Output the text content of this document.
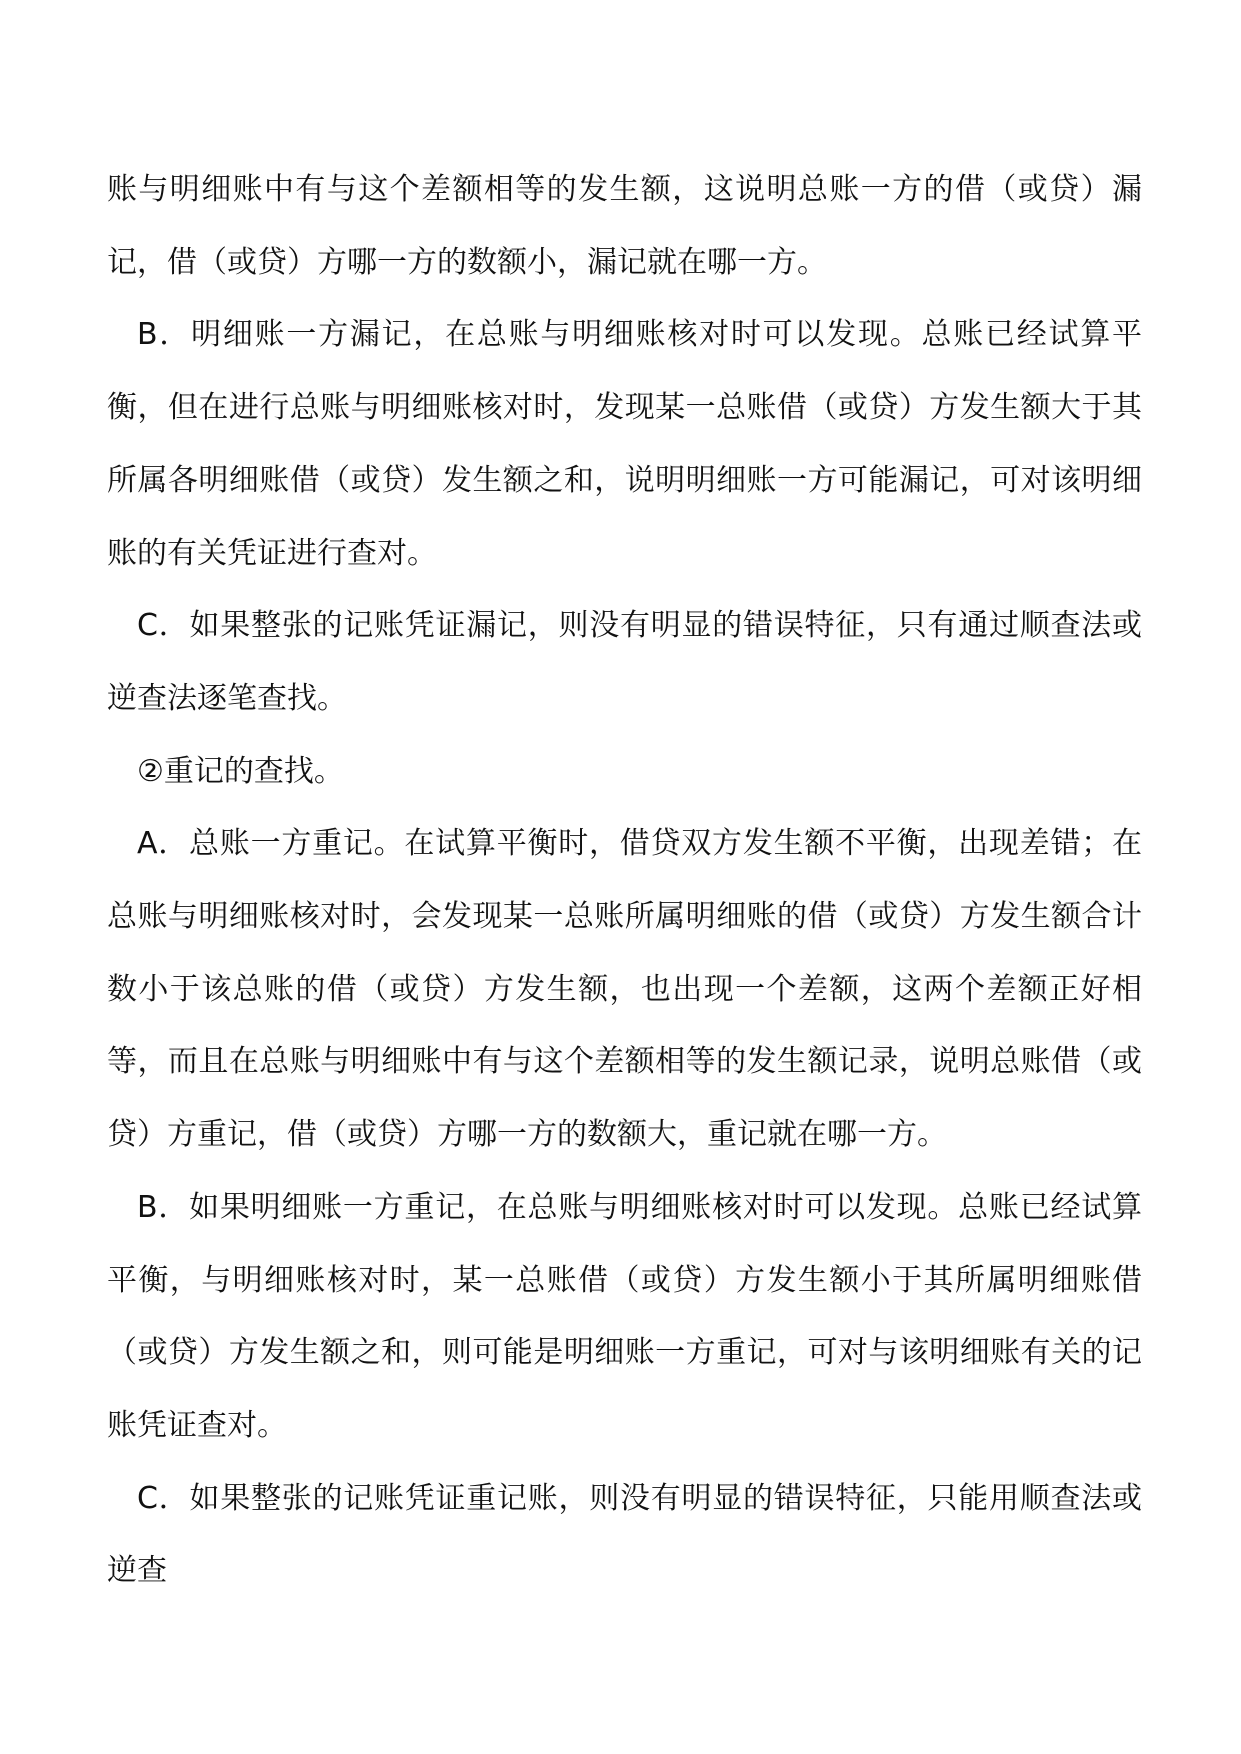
账与明细账中有与这个差额相等的发生额，这说明总账一方的借（或贷）漏记，借（或贷）方哪一方的数额小，漏记就在哪一方。

B．明细账一方漏记，在总账与明细账核对时可以发现。总账已经试算平衡，但在进行总账与明细账核对时，发现某一总账借（或贷）方发生额大于其所属各明细账借（或贷）发生额之和，说明明细账一方可能漏记，可对该明细账的有关凭证进行查对。

C．如果整张的记账凭证漏记，则没有明显的错误特征，只有通过顺查法或逆查法逐笔查找。

②重记的查找。

A．总账一方重记。在试算平衡时，借贷双方发生额不平衡，出现差错；在总账与明细账核对时，会发现某一总账所属明细账的借（或贷）方发生额合计数小于该总账的借（或贷）方发生额，也出现一个差额，这两个差额正好相等，而且在总账与明细账中有与这个差额相等的发生额记录，说明总账借（或贷）方重记，借（或贷）方哪一方的数额大，重记就在哪一方。

B．如果明细账一方重记，在总账与明细账核对时可以发现。总账已经试算平衡，与明细账核对时，某一总账借（或贷）方发生额小于其所属明细账借（或贷）方发生额之和，则可能是明细账一方重记，可对与该明细账有关的记账凭证查对。

C．如果整张的记账凭证重记账，则没有明显的错误特征，只能用顺查法或逆查
